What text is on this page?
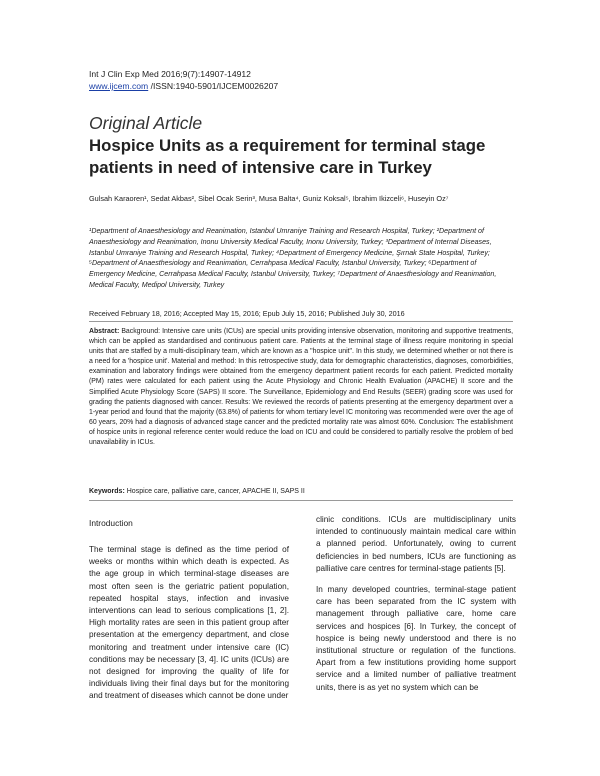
Int J Clin Exp Med 2016;9(7):14907-14912
www.ijcem.com /ISSN:1940-5901/IJCEM0026207
Original Article
Hospice Units as a requirement for terminal stage patients in need of intensive care in Turkey
Gulsah Karaoren¹, Sedat Akbas², Sibel Ocak Serin³, Musa Balta⁴, Guniz Koksal⁵, Ibrahim Ikizceli⁶, Huseyin Oz⁷
¹Department of Anaesthesiology and Reanimation, Istanbul Umraniye Training and Research Hospital, Turkey; ²Department of Anaesthesiology and Reanimation, Inonu University Medical Faculty, Inonu University, Turkey; ³Department of Internal Diseases, Istanbul Umraniye Training and Research Hospital, Turkey; ⁴Department of Emergency Medicine, Şırnak State Hospital, Turkey; ⁵Department of Anaesthesiology and Reanimation, Cerrahpasa Medical Faculty, Istanbul University, Turkey; ⁶Department of Emergency Medicine, Cerrahpasa Medical Faculty, Istanbul University, Turkey; ⁷Department of Anaesthesiology and Reanimation, Medical Faculty, Medipol University, Turkey
Received February 18, 2016; Accepted May 15, 2016; Epub July 15, 2016; Published July 30, 2016
Abstract: Background: Intensive care units (ICUs) are special units providing intensive observation, monitoring and supportive treatments, which can be applied as standardised and continuous patient care. Patients at the terminal stage of illness require monitoring in special units that are staffed by a multi-disciplinary team, which are known as a "hospice unit". In this study, we determined whether or not there is a need for a 'hospice unit'. Material and method: In this retrospective study, data for demographic characteristics, diagnoses, comorbidities, examination and laboratory findings were obtained from the emergency department patient records for each patient. Predicted mortality (PM) rates were calculated for each patient using the Acute Physiology and Chronic Health Evaluation (APACHE) II score and the Simplified Acute Physiology Score (SAPS) II score. The Surveillance, Epidemiology and End Results (SEER) grading score was used for grading the patients diagnosed with cancer. Results: We reviewed the records of patients presenting at the emergency department over a 1-year period and found that the majority (63.8%) of patients for whom tertiary level IC monitoring was recommended were over the age of 60 years, 20% had a diagnosis of advanced stage cancer and the predicted mortality rate was almost 60%. Conclusion: The establishment of hospice units in regional reference center would reduce the load on ICU and could be considered to partially resolve the problem of bed unavailability in ICUs.
Keywords: Hospice care, palliative care, cancer, APACHE II, SAPS II
Introduction

The terminal stage is defined as the time period of weeks or months within which death is expected. As the age group in which terminal-stage diseases are most often seen is the geriatric patient population, repeated hospital stays, infection and invasive interventions can lead to serious complications [1, 2]. High mortality rates are seen in this patient group after presentation at the emergency department, and close monitoring and treatment under intensive care (IC) conditions may be necessary [3, 4]. IC units (ICUs) are not designed for improving the quality of life for individuals living their final days but for the monitoring and treatment of diseases which cannot be done under

clinic conditions. ICUs are multidisciplinary units intended to continuously maintain medical care within a planned period. Unfortunately, owing to current deficiencies in bed numbers, ICUs are functioning as palliative care centres for terminal-stage patients [5].

In many developed countries, terminal-stage patient care has been separated from the IC system with management through palliative care, home care services and hospices [6]. In Turkey, the concept of hospice is being newly understood and there is no institutional structure or regulation of the functions. Apart from a few institutions providing home support service and a limited number of palliative treatment units, there is as yet no system which can be
